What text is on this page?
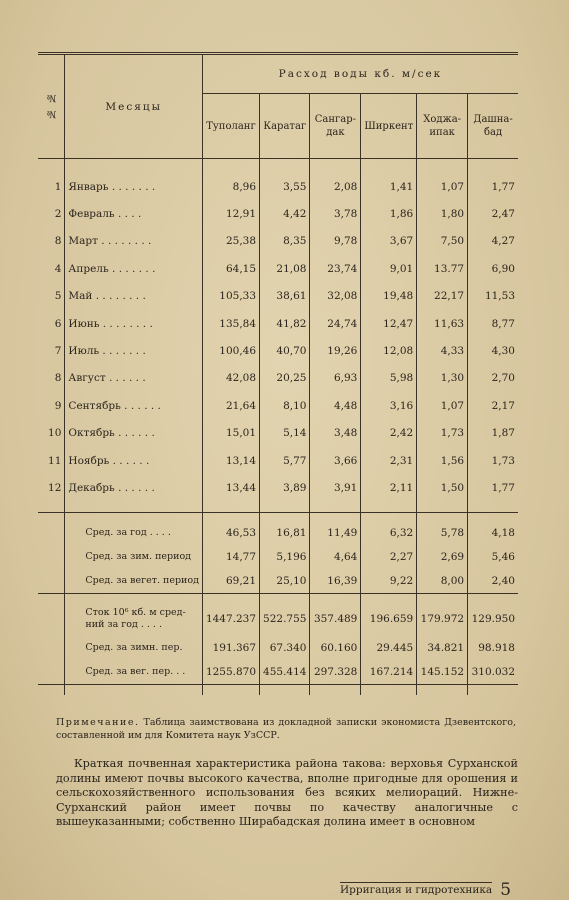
№ №	Месяцы	Расход воды кб. м/сек					
		Туполанг	Каратаг	Сангар-дак	Ширкент	Ходжа-ипак	Дашна-бад

1	Январь . . . . . . .	8,96	3,55	2,08	1,41	1,07	1,77
2	Февраль . . . .	12,91	4,42	3,78	1,86	1,80	2,47
8	Март . . . . . . . .	25,38	8,35	9,78	3,67	7,50	4,27
4	Апрель . . . . . . .	64,15	21,08	23,74	9,01	13.77	6,90
5	Май . . . . . . . .	105,33	38,61	32,08	19,48	22,17	11,53
6	Июнь . . . . . . . .	135,84	41,82	24,74	12,47	11,63	8,77
7	Июль . . . . . . .	100,46	40,70	19,26	12,08	4,33	4,30
8	Август . . . . . .	42,08	20,25	6,93	5,98	1,30	2,70
9	Сентябрь . . . . . .	21,64	8,10	4,48	3,16	1,07	2,17
10	Октябрь . . . . . .	15,01	5,14	3,48	2,42	1,73	1,87
11	Ноябрь . . . . . .	13,14	5,77	3,66	2,31	1,56	1,73
12	Декабрь . . . . . .	13,44	3,89	3,91	2,11	1,50	1,77

	Сред. за год . . . .	46,53	16,81	11,49	6,32	5,78	4,18
	Сред. за зим. период	14,77	5,196	4,64	2,27	2,69	5,46
	Сред. за вегет. период	69,21	25,10	16,39	9,22	8,00	2,40

	Сток 10⁶ кб. м сред-
ний за год . . . .	1447.237	522.755	357.489	196.659	179.972	129.950
	Сред. за зимн. пер.	191.367	67.340	60.160	29.445	34.821	98.918
	Сред. за вег. пер. . .	1255.870	455.414	297.328	167.214	145.152	310.032

Примечание. Таблица заимствована из докладной записки экономиста Дзевентского, составленной им для Комитета наук УзССР.
Краткая почвенная характеристика района такова: верховья Сурханской долины имеют почвы высокого качества, вполне пригодные для орошения и сельскохозяйственного использования без всяких мелиораций. Нижне-Сурханский район имеет почвы по качеству аналогичные с вышеуказанными; собственно Ширабадская долина имеет в основном
Ирригация и гидротехника 5
